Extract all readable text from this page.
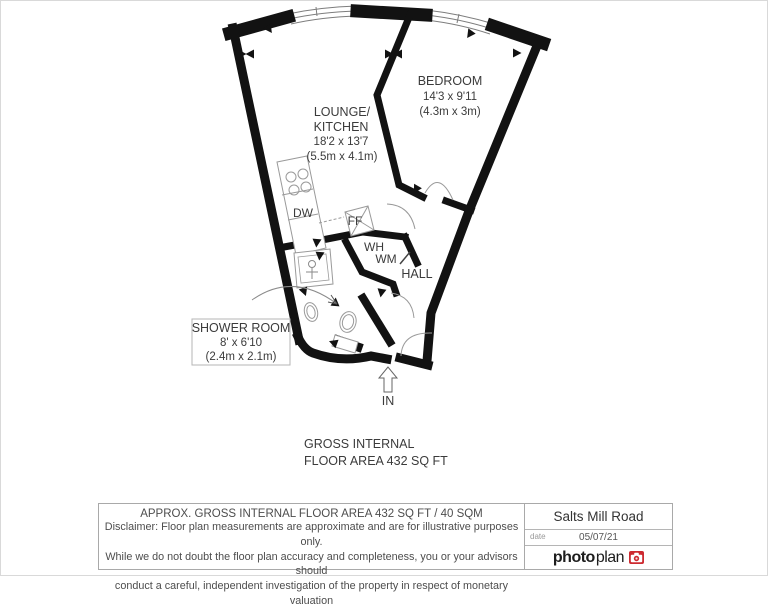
SHOWER ROOM
8' x 6'10
(2.4m x 2.1m)
BEDROOM
14'3 x 9'11
(4.3m x 3m)
LOUNGE/
KITCHEN
18'2 x 13'7
(5.5m x 4.1m)
DW
FF
WH
WM
HALL
IN
GROSS INTERNAL
FLOOR AREA 432 SQ FT
APPROX. GROSS INTERNAL FLOOR AREA 432 SQ FT / 40 SQM
Disclaimer: Floor plan measurements are approximate and are for illustrative purposes only.
While we do not doubt the floor plan accuracy and completeness, you or your advisors should
conduct a careful, independent investigation of the property in respect of monetary valuation
Salts Mill Road
date	05/07/21
photo plan
